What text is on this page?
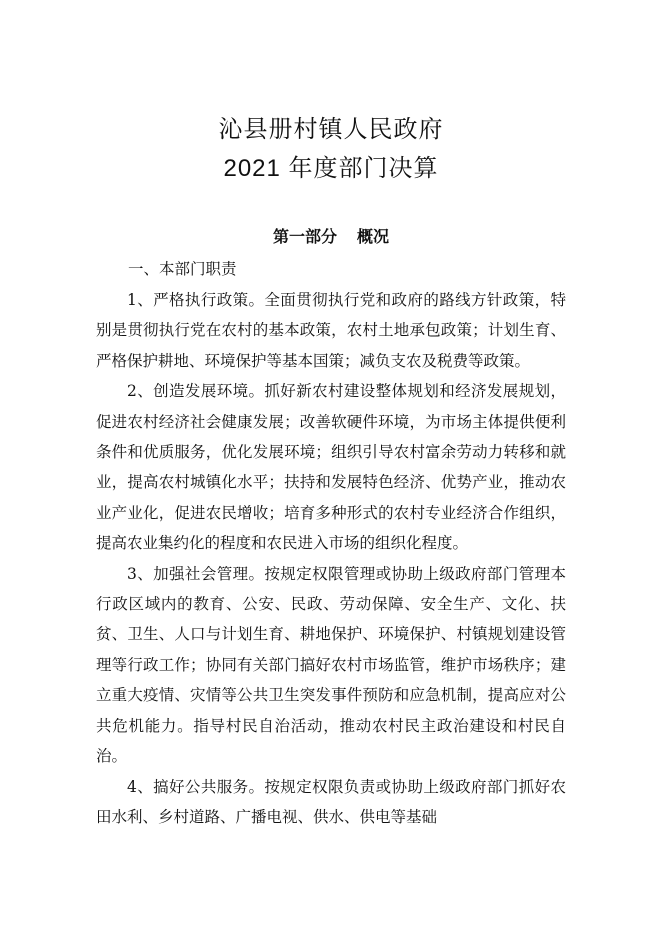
沁县册村镇人民政府
2021 年度部门决算
第一部分 概况
一、本部门职责

1、严格执行政策。全面贯彻执行党和政府的路线方针政策，特别是贯彻执行党在农村的基本政策，农村土地承包政策；计划生育、严格保护耕地、环境保护等基本国策；减负支农及税费等政策。

2、创造发展环境。抓好新农村建设整体规划和经济发展规划，促进农村经济社会健康发展；改善软硬件环境，为市场主体提供便利条件和优质服务，优化发展环境；组织引导农村富余劳动力转移和就业，提高农村城镇化水平；扶持和发展特色经济、优势产业，推动农业产业化，促进农民增收；培育多种形式的农村专业经济合作组织，提高农业集约化的程度和农民进入市场的组织化程度。

3、加强社会管理。按规定权限管理或协助上级政府部门管理本行政区域内的教育、公安、民政、劳动保障、安全生产、文化、扶贫、卫生、人口与计划生育、耕地保护、环境保护、村镇规划建设管理等行政工作；协同有关部门搞好农村市场监管，维护市场秩序；建立重大疫情、灾情等公共卫生突发事件预防和应急机制，提高应对公共危机能力。指导村民自治活动，推动农村民主政治建设和村民自治。

4、搞好公共服务。按规定权限负责或协助上级政府部门抓好农田水利、乡村道路、广播电视、供水、供电等基础
